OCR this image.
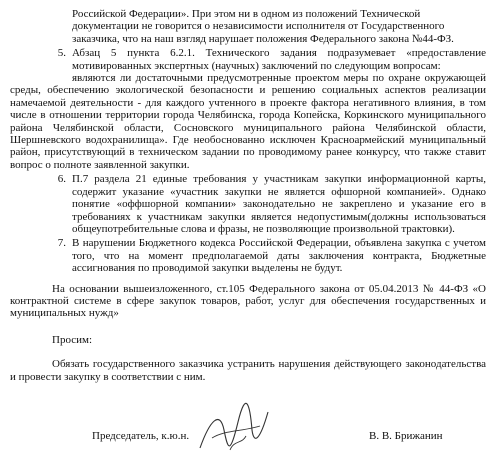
Российской Федерации». При этом ни в одном из положений Технической

документации не говорится о независимости исполнителя от Государственного

заказчика, что на наш взгляд нарушает положения Федерального закона №44-ФЗ.

5. Абзац 5 пункта 6.2.1. Технического задания подразумевает «предоставление мотивированных экспертных (научных) заключений по следующим вопросам:

являются ли достаточными предусмотренные проектом меры по охране окружающей среды, обеспечению экологической безопасности и решению социальных аспектов реализации намечаемой деятельности - для каждого учтенного в проекте фактора негативного влияния, в том числе в отношении территории города Челябинска, города Копейска, Коркинского муниципального района Челябинской области, Сосновского муниципального района Челябинской области, Шершневского водохранилища». Где необоснованно исключен Красноармейский муниципальный район, присутствующий в техническом задании по проводимому ранее конкурсу, что также ставит вопрос о полноте заявленной закупки.

6. П.7 раздела 21 единые требования у участникам закупки информационной карты, содержит указание «участник закупки не является офшорной компанией». Однако понятие «оффшорной компании» законодательно не закреплено и указание его в требованиях к участникам закупки является недопустимым(должны использоваться общеупотребительные слова и фразы, не позволяющие произвольной трактовки).
7. В нарушении Бюджетного кодекса Российской Федерации, объявлена закупка с учетом того, что на момент предполагаемой даты заключения контракта, Бюджетные ассигнования по проводимой закупки выделены не будут.

На основании вышеизложенного, ст.105 Федерального закона от 05.04.2013 № 44-ФЗ «О контрактной системе в сфере закупок товаров, работ, услуг для обеспечения государственных и муниципальных нужд»

Просим:

Обязать государственного заказчика устранить нарушения действующего законодательства и провести закупку в соответствии с ним.

Председатель, к.ю.н.	В. В. Брижанин
